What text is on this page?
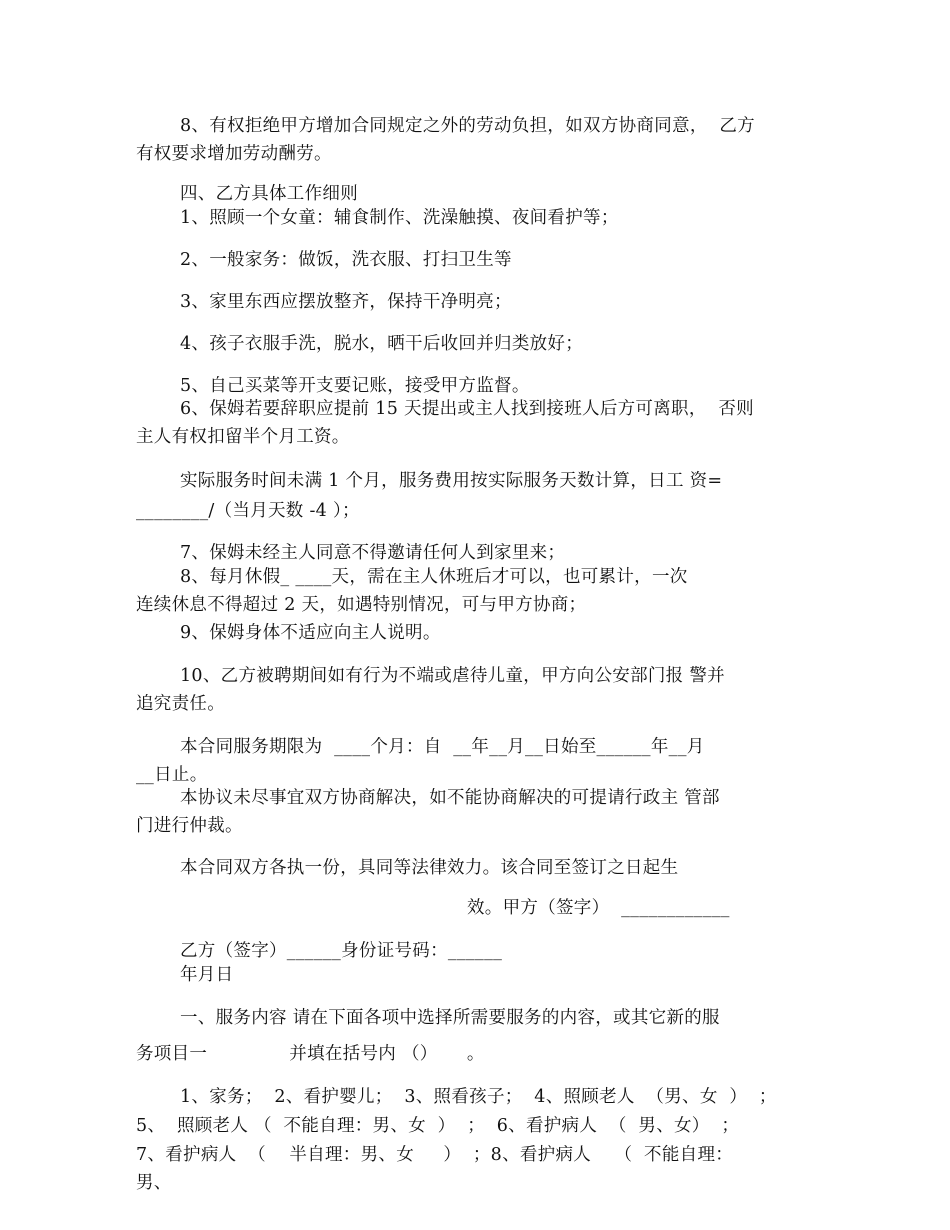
8、有权拒绝甲方增加合同规定之外的劳动负担，如双方协商同意，  乙方
有权要求增加劳动酬劳。
四、乙方具体工作细则
1、照顾一个女童：辅食制作、洗澡触摸、夜间看护等；
2、一般家务：做饭，洗衣服、打扫卫生等
3、家里东西应摆放整齐，保持干净明亮；
4、孩子衣服手洗，脱水，晒干后收回并归类放好；
5、自己买菜等开支要记账，接受甲方监督。
6、保姆若要辞职应提前 15 天提出或主人找到接班人后方可离职，  否则
主人有权扣留半个月工资。
实际服务时间未满 1 个月，服务费用按实际服务天数计算，日工 资=
________/（当月天数 -4 ）；
7、保姆未经主人同意不得邀请任何人到家里来；
8、每月休假_ ____天，需在主人休班后才可以，也可累计，一次
连续休息不得超过 2 天，如遇特别情况，可与甲方协商；
9、保姆身体不适应向主人说明。
10、乙方被聘期间如有行为不端或虐待儿童，甲方向公安部门报 警并
追究责任。
本合同服务期限为  ____个月：自  __年__月__日始至______年__月
__日止。
本协议未尽事宜双方协商解决，如不能协商解决的可提请行政主 管部
门进行仲裁。
本合同双方各执一份，具同等法律效力。该合同至签订之日起生
效。甲方（签字）  ____________
乙方（签字）______身份证号码：______
年月日
一、服务内容 请在下面各项中选择所需要服务的内容，或其它新的服
务项目一              并填在括号内 （）     。
1、家务；  2、看护婴儿；  3、照看孩子；  4、照顾老人  （男、女  ）  ；
5、  照顾老人 （  不能自理：男、女  ）  ；  6、看护病人  （  男、女）  ；
7、看护病人  （    半自理：男、女     ）  ；8、看护病人    （  不能自理：
男、
